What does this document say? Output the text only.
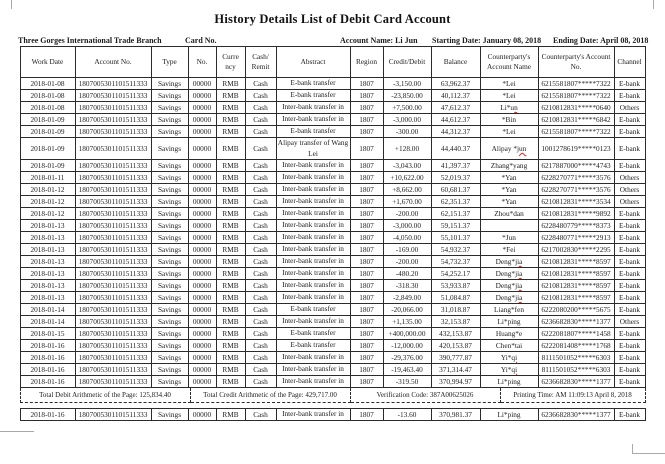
History Details List of Debit Card Account
Three Gorges International Trade Branch	Card No.	Account Name: Li Jun Starting Date: January 08, 2018 Ending Date: April 08, 2018
Work Date	Account No.	Type	No.	Curre ncy	Cash/ Remit	Abstract	Region	Credit/Debit	Balance	Counterparty's Account Name	Counterparty's Account No.	Channel
2018-01-08	1807005301101511333	Savings	00000	RMB	Cash	E-bank transfer	1807	-3,150.00	63,962.37	*Lei	6215581807*****7322	E-bank
2018-01-08	1807005301101511333	Savings	00000	RMB	Cash	E-bank transfer	1807	-23,850.00	40,112.37	*Lei	6215581807*****7322	E-bank
2018-01-08	1807005301101511333	Savings	00000	RMB	Cash	Inter-bank transfer in	1807	+7,500.00	47,612.37	Li*un	6210812831*****0640	Others
2018-01-09	1807005301101511333	Savings	00000	RMB	Cash	Inter-bank transfer in	1807	-3,000.00	44,612.37	*Bin	6210812831*****6842	E-bank
2018-01-09	1807005301101511333	Savings	00000	RMB	Cash	E-bank transfer	1807	-300.00	44,312.37	*Lei	6215581807*****7322	E-bank
2018-01-09	1807005301101511333	Savings	00000	RMB	Cash	Alipay transfer of Wang Lei	1807	+128.00	44,440.37	Alipay *jun	1001278619*****0123	E-bank
2018-01-09	1807005301101511333	Savings	00000	RMB	Cash	Inter-bank transfer in	1807	-3,043.00	41,397.37	Zhang*yang	6217887000*****4743	E-bank
2018-01-11	1807005301101511333	Savings	00000	RMB	Cash	Inter-bank transfer in	1807	+10,622.00	52,019.37	*Yan	6228270771*****3576	Others
2018-01-12	1807005301101511333	Savings	00000	RMB	Cash	Inter-bank transfer in	1807	+8,662.00	60,681.37	*Yan	6228270771*****3576	Others
2018-01-12	1807005301101511333	Savings	00000	RMB	Cash	Inter-bank transfer in	1807	+1,670.00	62,351.37	*Yan	6210812831*****3534	Others
2018-01-12	1807005301101511333	Savings	00000	RMB	Cash	Inter-bank transfer in	1807	-200.00	62,151.37	Zhou*dan	6210812831*****9892	E-bank
2018-01-13	1807005301101511333	Savings	00000	RMB	Cash	Inter-bank transfer in	1807	-3,000.00	59,151.37		6228480779*****8373	E-bank
2018-01-13	1807005301101511333	Savings	00000	RMB	Cash	Inter-bank transfer in	1807	-4,050.00	55,101.37	*Jun	6228480771*****2913	E-bank
2018-01-13	1807005301101511333	Savings	00000	RMB	Cash	Inter-bank transfer in	1807	-169.00	54,932.37	*Fei	6217002830*****2295	E-bank
2018-01-13	1807005301101511333	Savings	00000	RMB	Cash	Inter-bank transfer in	1807	-200.00	54,732.37	Deng*jia	6210812831*****8597	E-bank
2018-01-13	1807005301101511333	Savings	00000	RMB	Cash	Inter-bank transfer in	1807	-480.20	54,252.17	Deng*jia	6210812831*****8597	E-bank
2018-01-13	1807005301101511333	Savings	00000	RMB	Cash	Inter-bank transfer in	1807	-318.30	53,933.87	Deng*jia	6210812831*****8597	E-bank
2018-01-13	1807005301101511333	Savings	00000	RMB	Cash	Inter-bank transfer in	1807	-2,849.00	51,084.87	Deng*jia	6210812831*****8597	E-bank
2018-01-14	1807005301101511333	Savings	00000	RMB	Cash	E-bank transfer	1807	-20,066.00	31,018.87	Liang*fen	6222080200*****5675	E-bank
2018-01-14	1807005301101511333	Savings	00000	RMB	Cash	Inter-bank transfer in	1807	+1,135.00	32,153.87	Li*ping	6236682830*****1377	Others
2018-01-15	1807005301101511333	Savings	00000	RMB	Cash	E-bank transfer	1807	+400,000.00	432,153.87	Huang*e	6222081807*****1458	E-bank
2018-01-16	1807005301101511333	Savings	00000	RMB	Cash	E-bank transfer	1807	-12,000.00	420,153.87	Chen*tai	6222081408*****1768	E-bank
2018-01-16	1807005301101511333	Savings	00000	RMB	Cash	Inter-bank transfer in	1807	-29,376.00	390,777.87	Yi*qi	8111501052*****6303	E-bank
2018-01-16	1807005301101511333	Savings	00000	RMB	Cash	Inter-bank transfer in	1807	-19,463.40	371,314.47	Yi*qi	8111501052*****6303	E-bank
2018-01-16	1807005301101511333	Savings	00000	RMB	Cash	Inter-bank transfer in	1807	-319.50	370,994.97	Li*ping	6236682830*****1377	E-bank
Total Debit Arithmetic of the Page: 125,834.40	Total Credit Arithmetic of the Page: 429,717.00	Verification Code: 387A00625026	Printing Time: AM 11:09:13 April 8, 2018
2018-01-16	1807005301101511333	Savings	00000	RMB	Cash	Inter-bank transfer in	1807	-13.60	370,981.37	Li*ping	6236682830*****1377	E-bank
